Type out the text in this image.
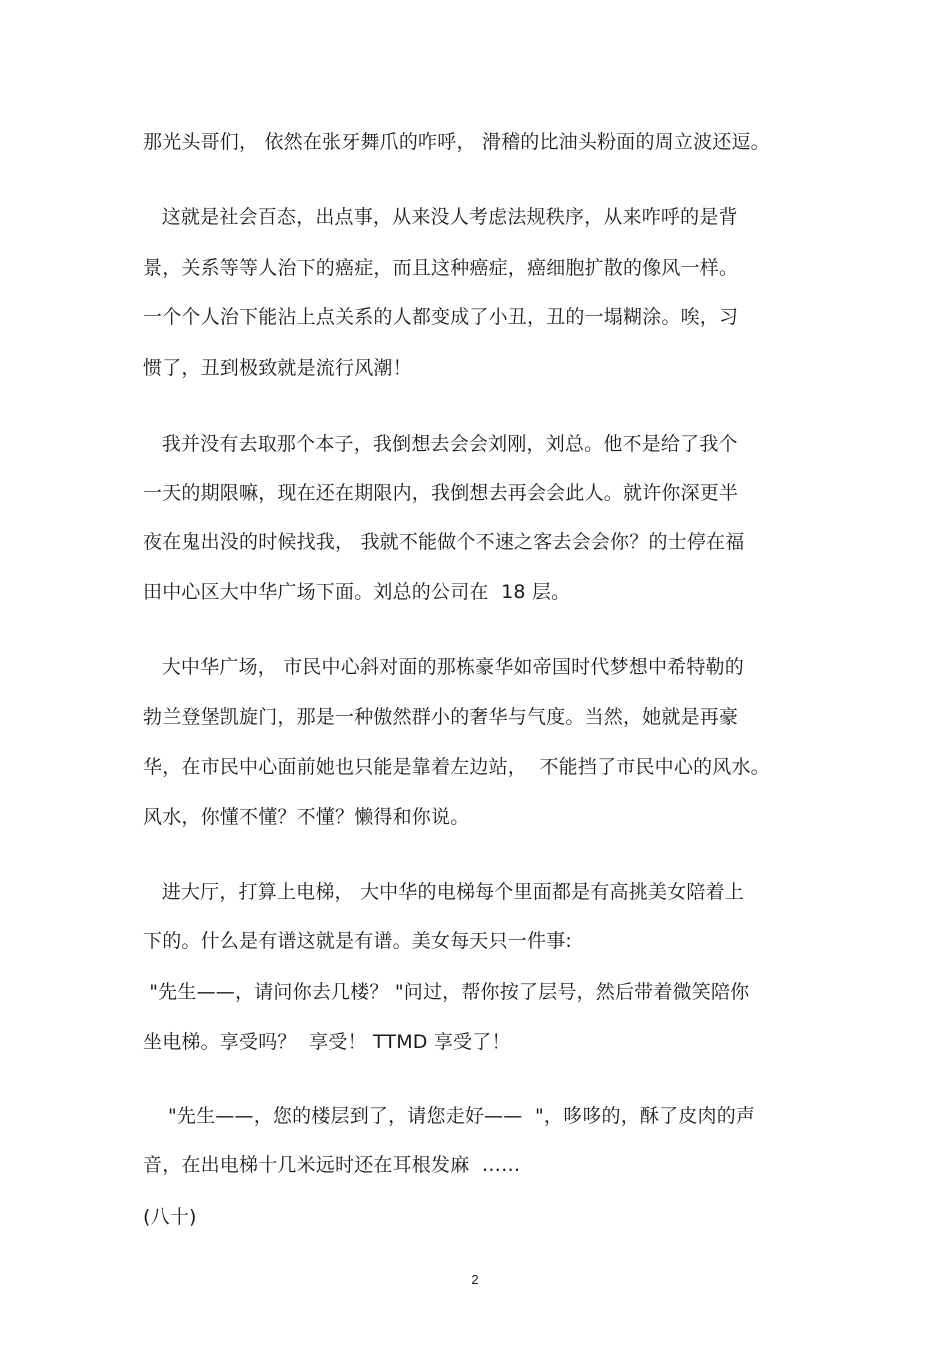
那光头哥们， 依然在张牙舞爪的咋呼， 滑稽的比油头粉面的周立波还逗。
这就是社会百态，出点事，从来没人考虑法规秩序，从来咋呼的是背
景，关系等等人治下的癌症，而且这种癌症，癌细胞扩散的像风一样。
一个个人治下能沾上点关系的人都变成了小丑，丑的一塌糊涂。唉，习
惯了，丑到极致就是流行风潮！
我并没有去取那个本子，我倒想去会会刘刚，刘总。他不是给了我个
一天的期限嘛，现在还在期限内，我倒想去再会会此人。就许你深更半
夜在鬼出没的时候找我， 我就不能做个不速之客去会会你？的士停在福
田中心区大中华广场下面。刘总的公司在  18 层。
大中华广场， 市民中心斜对面的那栋豪华如帝国时代梦想中希特勒的
勃兰登堡凯旋门，那是一种傲然群小的奢华与气度。当然，她就是再豪
华，在市民中心面前她也只能是靠着左边站，  不能挡了市民中心的风水。
风水，你懂不懂？不懂？懒得和你说。
进大厅，打算上电梯， 大中华的电梯每个里面都是有高挑美女陪着上
下的。什么是有谱这就是有谱。美女每天只一件事:
"先生——，请问你去几楼？ "问过，帮你按了层号，然后带着微笑陪你
坐电梯。享受吗？  享受！ TTMD 享受了！
"先生——，您的楼层到了，请您走好——  "，哆哆的，酥了皮肉的声
音，在出电梯十几米远时还在耳根发麻  ……
(八十)
2
